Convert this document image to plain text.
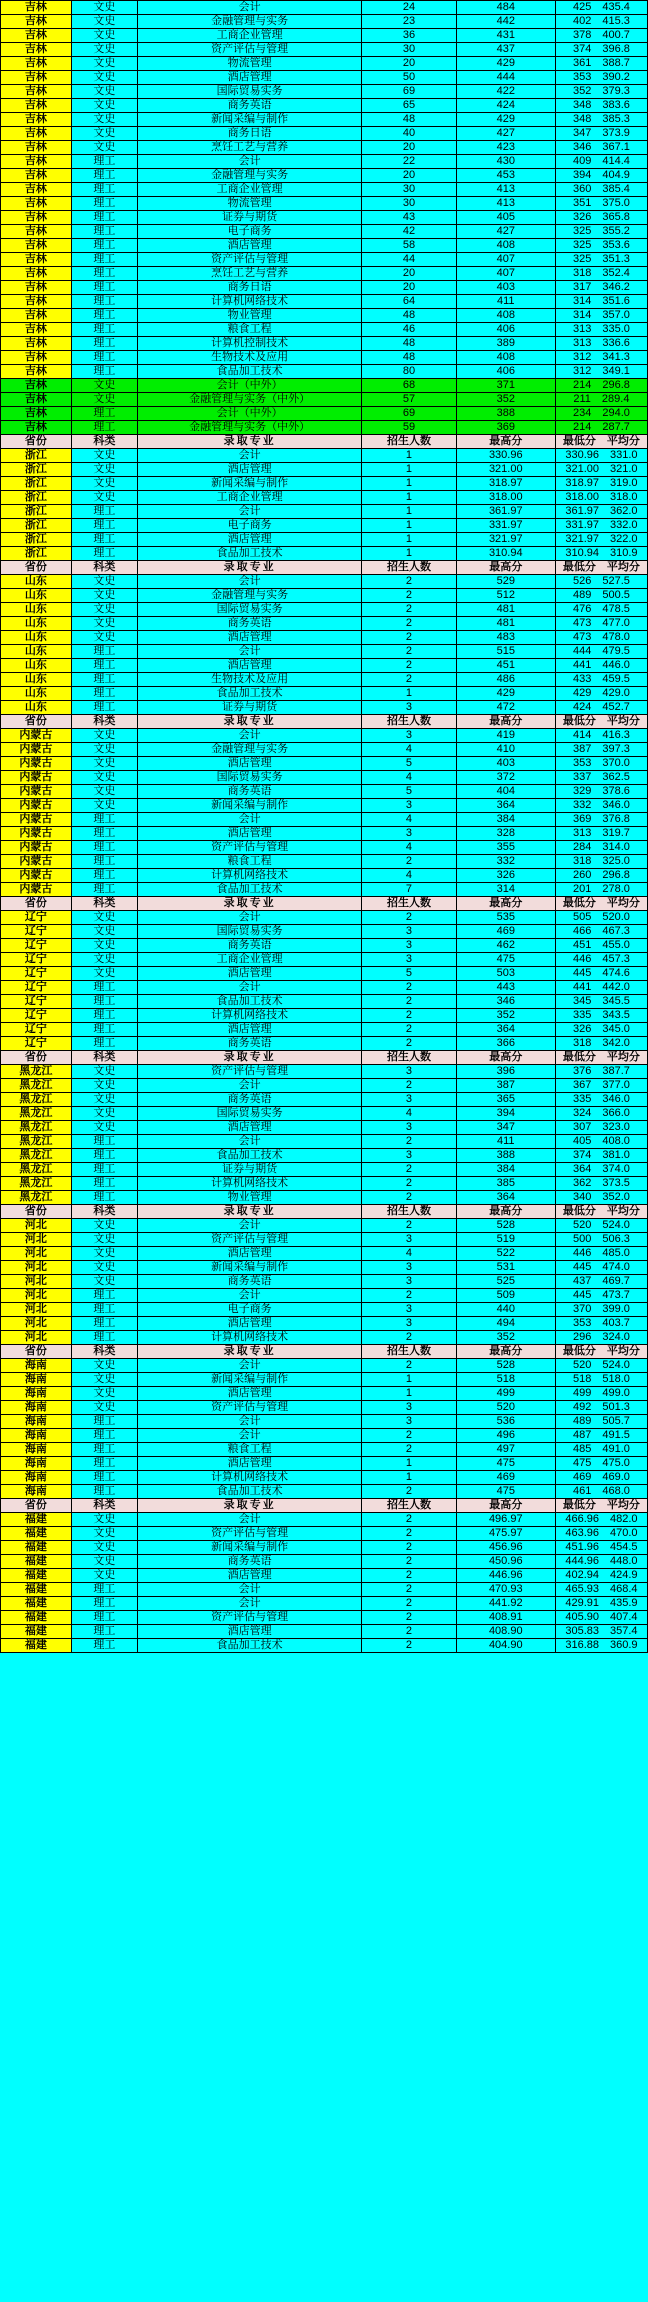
吉林	文史	会计	24	484	425　435.4
吉林	文史	金融管理与实务	23	442	402　415.3
吉林	文史	工商企业管理	36	431	378　400.7
吉林	文史	资产评估与管理	30	437	374　396.8
吉林	文史	物流管理	20	429	361　388.7
吉林	文史	酒店管理	50	444	353　390.2
吉林	文史	国际贸易实务	69	422	352　379.3
吉林	文史	商务英语	65	424	348　383.6
吉林	文史	新闻采编与制作	48	429	348　385.3
吉林	文史	商务日语	40	427	347　373.9
吉林	文史	烹饪工艺与营养	20	423	346　367.1
吉林	理工	会计	22	430	409　414.4
吉林	理工	金融管理与实务	20	453	394　404.9
吉林	理工	工商企业管理	30	413	360　385.4
吉林	理工	物流管理	30	413	351　375.0
吉林	理工	证券与期货	43	405	326　365.8
吉林	理工	电子商务	42	427	325　355.2
吉林	理工	酒店管理	58	408	325　353.6
吉林	理工	资产评估与管理	44	407	325　351.3
吉林	理工	烹饪工艺与营养	20	407	318　352.4
吉林	理工	商务日语	20	403	317　346.2
吉林	理工	计算机网络技术	64	411	314　351.6
吉林	理工	物业管理	48	408	314　357.0
吉林	理工	粮食工程	46	406	313　335.0
吉林	理工	计算机控制技术	48	389	313　336.6
吉林	理工	生物技术及应用	48	408	312　341.3
吉林	理工	食品加工技术	80	406	312　349.1
吉林	文史	会计（中外）	68	371	214　296.8
吉林	文史	金融管理与实务（中外）	57	352	211　289.4
吉林	理工	会计（中外）	69	388	234　294.0
吉林	理工	金融管理与实务（中外）	59	369	214　287.7
省份	科类	录取专业	招生人数	最高分	最低分　平均分
浙江	文史	会计	1	330.96	330.96　331.0
浙江	文史	酒店管理	1	321.00	321.00　321.0
浙江	文史	新闻采编与制作	1	318.97	318.97　319.0
浙江	文史	工商企业管理	1	318.00	318.00　318.0
浙江	理工	会计	1	361.97	361.97　362.0
浙江	理工	电子商务	1	331.97	331.97　332.0
浙江	理工	酒店管理	1	321.97	321.97　322.0
浙江	理工	食品加工技术	1	310.94	310.94　310.9
省份	科类	录取专业	招生人数	最高分	最低分　平均分
山东	文史	会计	2	529	526　527.5
山东	文史	金融管理与实务	2	512	489　500.5
山东	文史	国际贸易实务	2	481	476　478.5
山东	文史	商务英语	2	481	473　477.0
山东	文史	酒店管理	2	483	473　478.0
山东	理工	会计	2	515	444　479.5
山东	理工	酒店管理	2	451	441　446.0
山东	理工	生物技术及应用	2	486	433　459.5
山东	理工	食品加工技术	1	429	429　429.0
山东	理工	证券与期货	3	472	424　452.7
省份	科类	录取专业	招生人数	最高分	最低分　平均分
内蒙古	文史	会计	3	419	414　416.3
内蒙古	文史	金融管理与实务	4	410	387　397.3
内蒙古	文史	酒店管理	5	403	353　370.0
内蒙古	文史	国际贸易实务	4	372	337　362.5
内蒙古	文史	商务英语	5	404	329　378.6
内蒙古	文史	新闻采编与制作	3	364	332　346.0
内蒙古	理工	会计	4	384	369　376.8
内蒙古	理工	酒店管理	3	328	313　319.7
内蒙古	理工	资产评估与管理	4	355	284　314.0
内蒙古	理工	粮食工程	2	332	318　325.0
内蒙古	理工	计算机网络技术	4	326	260　296.8
内蒙古	理工	食品加工技术	7	314	201　278.0
省份	科类	录取专业	招生人数	最高分	最低分　平均分
辽宁	文史	会计	2	535	505　520.0
辽宁	文史	国际贸易实务	3	469	466　467.3
辽宁	文史	商务英语	3	462	451　455.0
辽宁	文史	工商企业管理	3	475	446　457.3
辽宁	文史	酒店管理	5	503	445　474.6
辽宁	理工	会计	2	443	441　442.0
辽宁	理工	食品加工技术	2	346	345　345.5
辽宁	理工	计算机网络技术	2	352	335　343.5
辽宁	理工	酒店管理	2	364	326　345.0
辽宁	理工	商务英语	2	366	318　342.0
省份	科类	录取专业	招生人数	最高分	最低分　平均分
黑龙江	文史	资产评估与管理	3	396	376　387.7
黑龙江	文史	会计	2	387	367　377.0
黑龙江	文史	商务英语	3	365	335　346.0
黑龙江	文史	国际贸易实务	4	394	324　366.0
黑龙江	文史	酒店管理	3	347	307　323.0
黑龙江	理工	会计	2	411	405　408.0
黑龙江	理工	食品加工技术	3	388	374　381.0
黑龙江	理工	证券与期货	2	384	364　374.0
黑龙江	理工	计算机网络技术	2	385	362　373.5
黑龙江	理工	物业管理	2	364	340　352.0
省份	科类	录取专业	招生人数	最高分	最低分　平均分
河北	文史	会计	2	528	520　524.0
河北	文史	资产评估与管理	3	519	500　506.3
河北	文史	酒店管理	4	522	446　485.0
河北	文史	新闻采编与制作	3	531	445　474.0
河北	文史	商务英语	3	525	437　469.7
河北	理工	会计	2	509	445　473.7
河北	理工	电子商务	3	440	370　399.0
河北	理工	酒店管理	3	494	353　403.7
河北	理工	计算机网络技术	2	352	296　324.0
省份	科类	录取专业	招生人数	最高分	最低分　平均分
海南	文史	会计	2	528	520　524.0
海南	文史	新闻采编与制作	1	518	518　518.0
海南	文史	酒店管理	1	499	499　499.0
海南	文史	资产评估与管理	3	520	492　501.3
海南	理工	会计	3	536	489　505.7
海南	理工	会计	2	496	487　491.5
海南	理工	粮食工程	2	497	485　491.0
海南	理工	酒店管理	1	475	475　475.0
海南	理工	计算机网络技术	1	469	469　469.0
海南	理工	食品加工技术	2	475	461　468.0
省份	科类	录取专业	招生人数	最高分	最低分　平均分
福建	文史	会计	2	496.97	466.96　482.0
福建	文史	资产评估与管理	2	475.97	463.96　470.0
福建	文史	新闻采编与制作	2	456.96	451.96　454.5
福建	文史	商务英语	2	450.96	444.96　448.0
福建	文史	酒店管理	2	446.96	402.94　424.9
福建	理工	会计	2	470.93	465.93　468.4
福建	理工	会计	2	441.92	429.91　435.9
福建	理工	资产评估与管理	2	408.91	405.90　407.4
福建	理工	酒店管理	2	408.90	305.83　357.4
福建	理工	食品加工技术	2	404.90	316.88　360.9
